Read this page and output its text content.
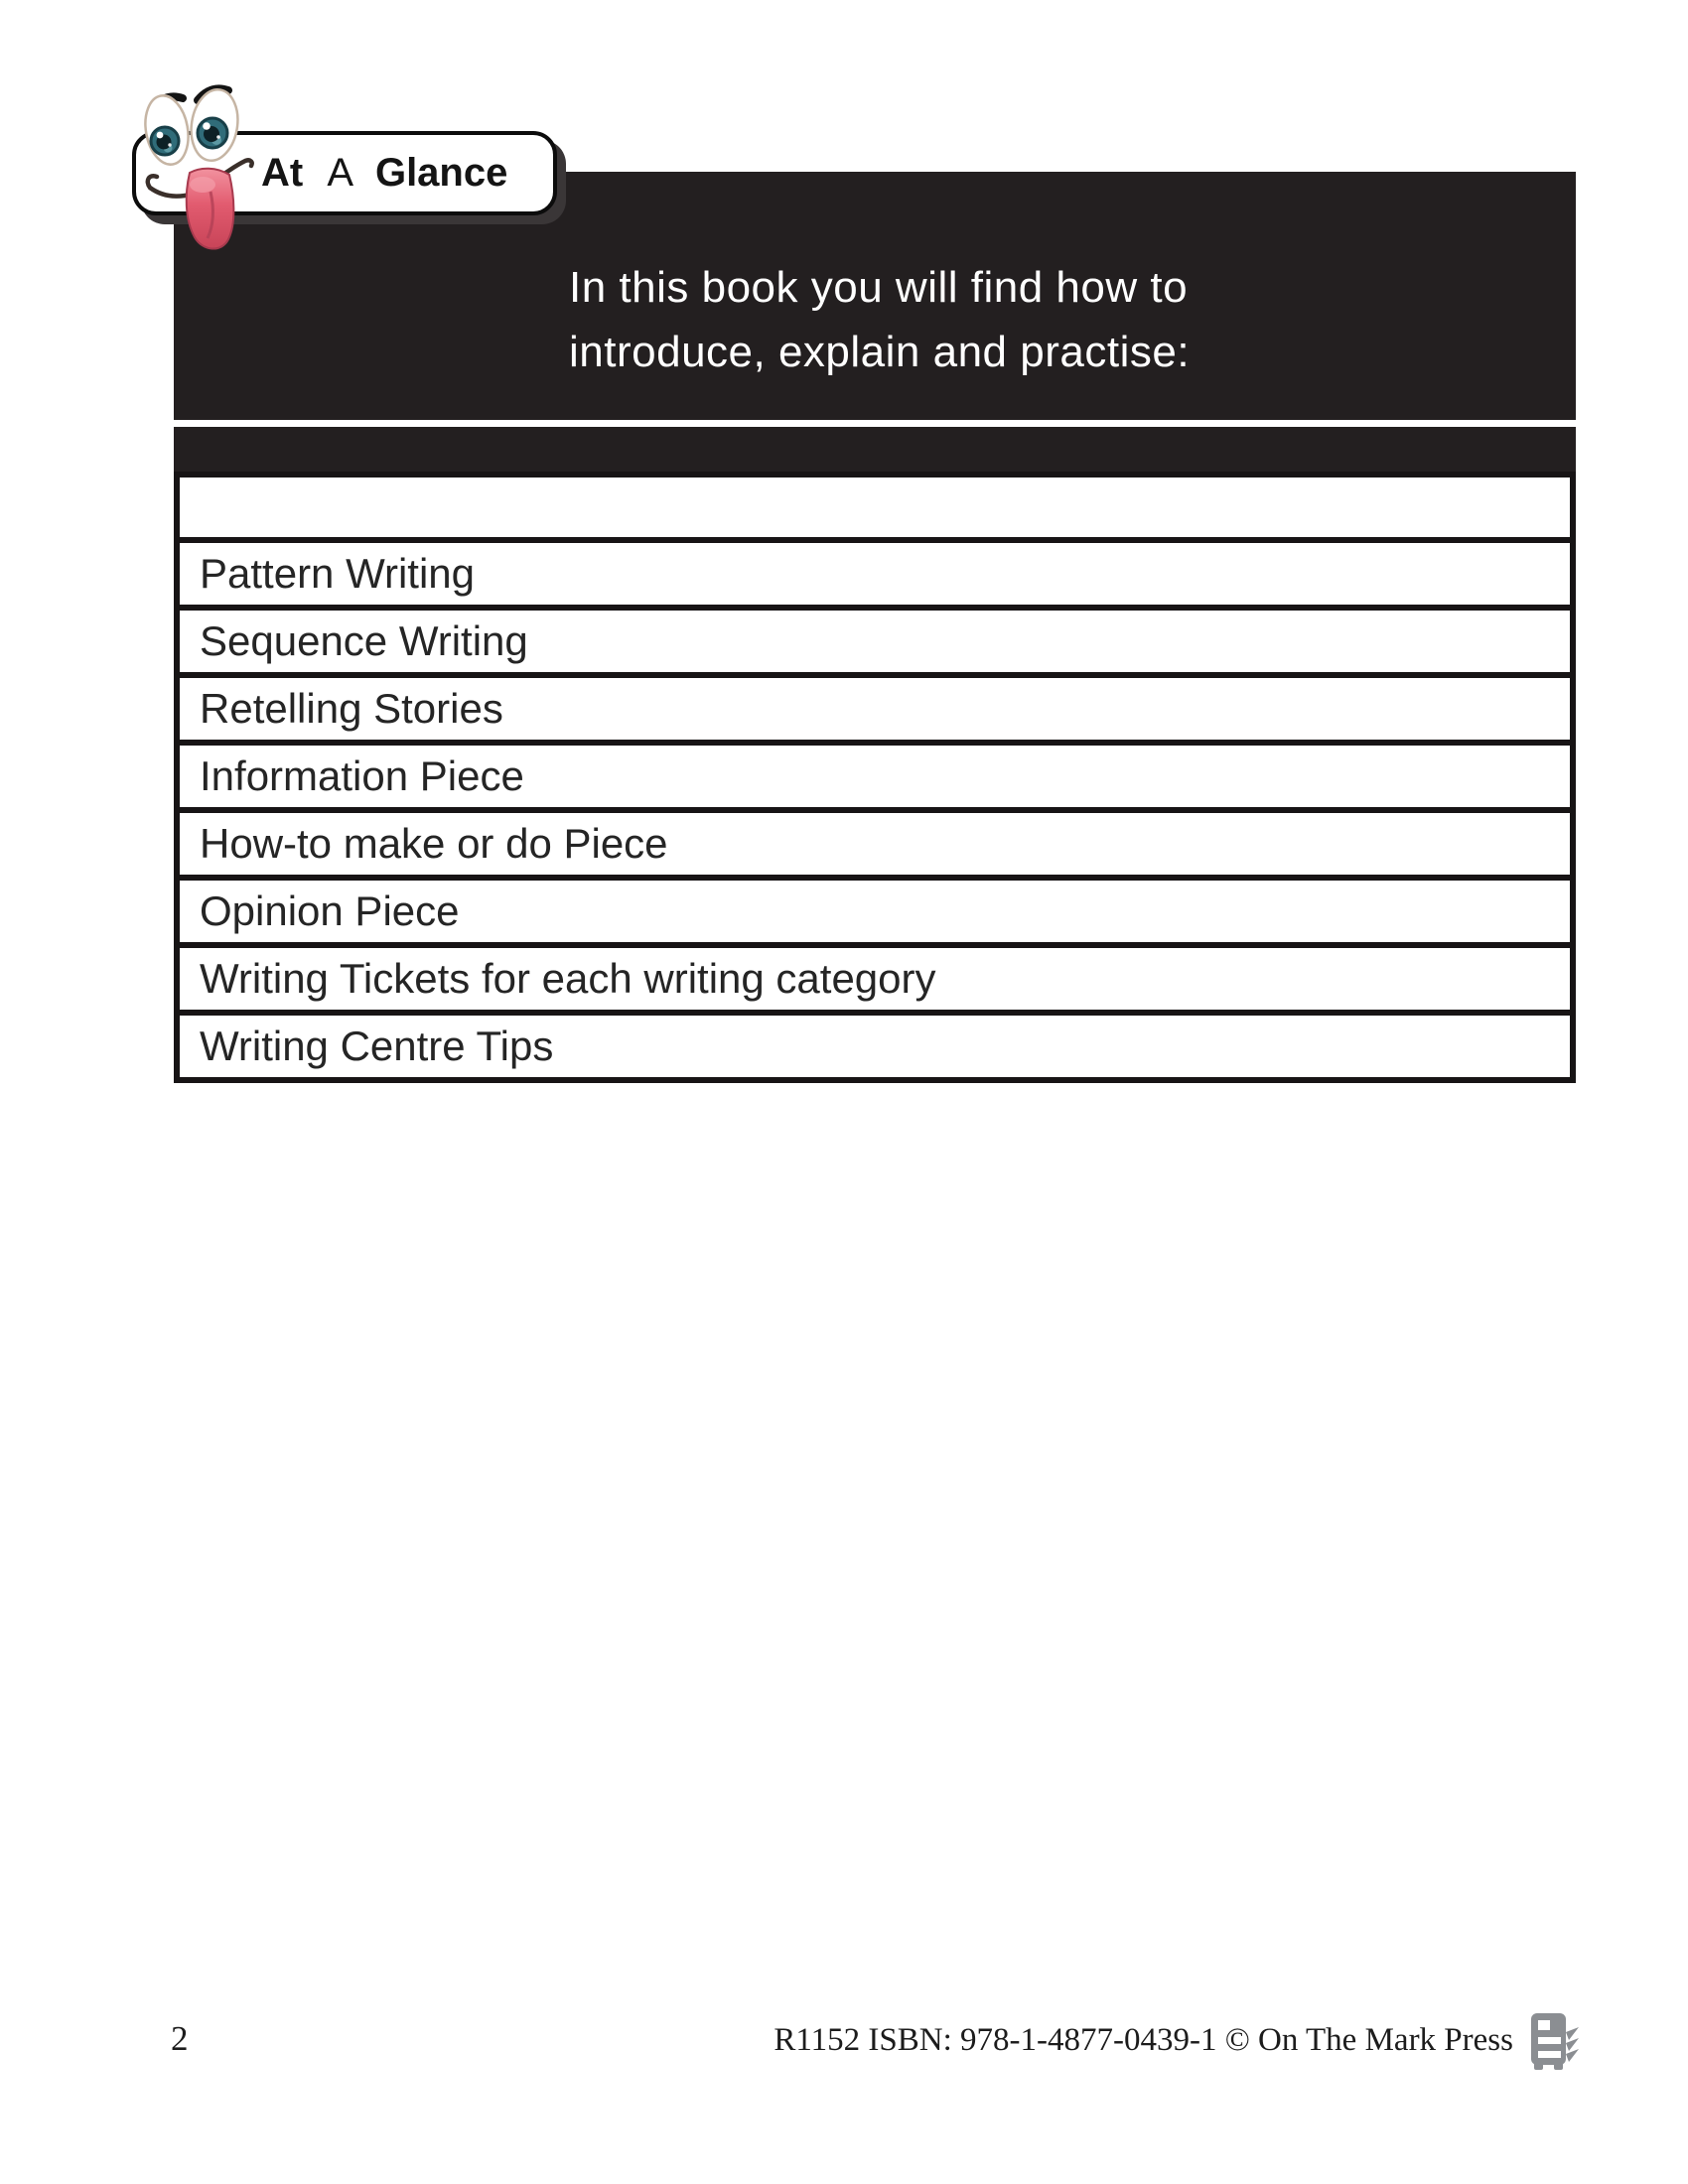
In this book you will find how to
introduce, explain and practise:
At A Glance

Pattern Writing
Sequence Writing
Retelling Stories
Information Piece
How-to make or do Piece
Opinion Piece
Writing Tickets for each writing category
Writing Centre Tips
2	R1152 ISBN: 978-1-4877-0439-1 © On The Mark Press
